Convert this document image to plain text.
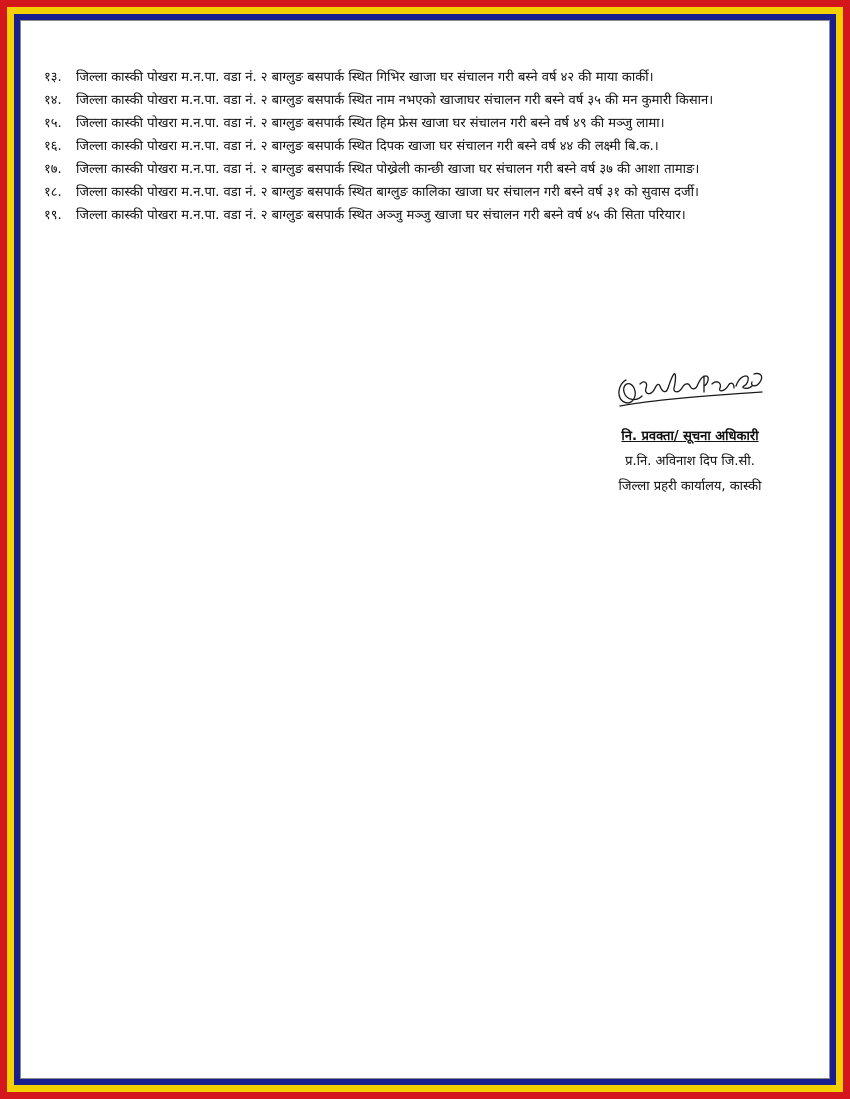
१३.	जिल्ला कास्की पोखरा म.न.पा. वडा नं. २ बाग्लुङ बसपार्क स्थित गिभिर खाजा घर संचालन गरी बस्ने वर्ष ४२ की माया कार्की।
१४.	जिल्ला कास्की पोखरा म.न.पा. वडा नं. २ बाग्लुङ बसपार्क स्थित नाम नभएको खाजाघर संचालन गरी बस्ने वर्ष ३५ की मन कुमारी किसान।
१५.	जिल्ला कास्की पोखरा म.न.पा. वडा नं. २ बाग्लुङ बसपार्क स्थित हिम फ्रेस खाजा घर संचालन गरी बस्ने वर्ष ४९ की मञ्जु लामा।
१६.	जिल्ला कास्की पोखरा म.न.पा. वडा नं. २ बाग्लुङ बसपार्क स्थित दिपक खाजा घर संचालन गरी बस्ने वर्ष ४४ की लक्ष्मी बि.क.।
१७.	जिल्ला कास्की पोखरा म.न.पा. वडा नं. २ बाग्लुङ बसपार्क स्थित पोख्रेली कान्छी खाजा घर संचालन गरी बस्ने वर्ष ३७ की आशा तामाङ।
१८.	जिल्ला कास्की पोखरा म.न.पा. वडा नं. २ बाग्लुङ बसपार्क स्थित बाग्लुङ कालिका खाजा घर संचालन गरी बस्ने वर्ष ३१ को सुवास दर्जी।
१९.	जिल्ला कास्की पोखरा म.न.पा. वडा नं. २ बाग्लुङ बसपार्क स्थित अञ्जु मञ्जु खाजा घर संचालन गरी बस्ने वर्ष ४५ की सिता परियार।
नि. प्रवक्ता/ सूचना अधिकारी
प्र.नि. अविनाश दिप जि.सी.
जिल्ला प्रहरी कार्यालय, कास्की
